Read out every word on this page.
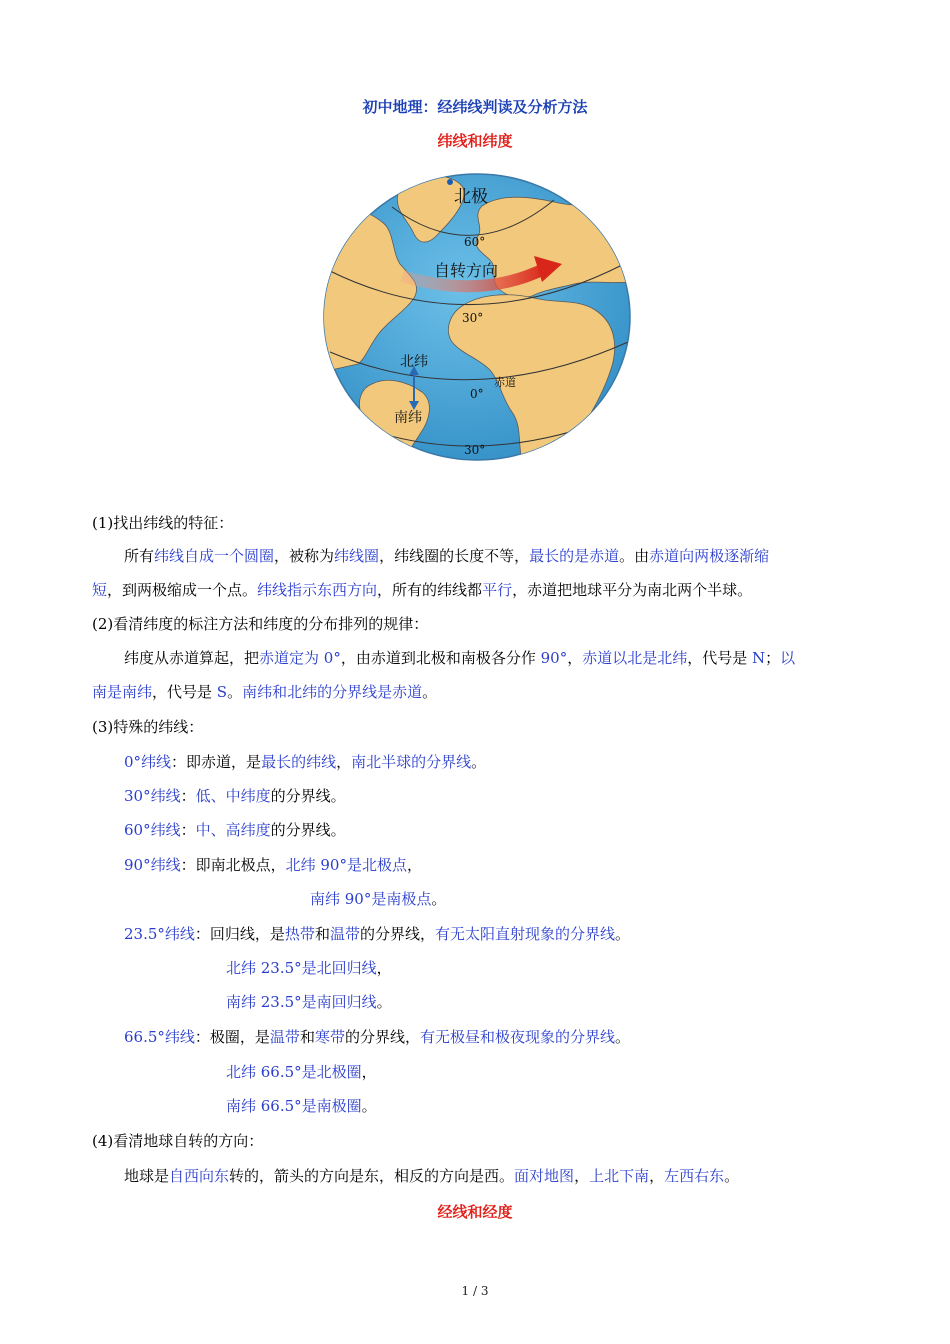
初中地理：经纬线判读及分析方法
纬线和纬度
北极
60°
自转方向
30°
北纬
赤道
0°
南纬
30°
(1)找出纬线的特征：
所有纬线自成一个圆圈，被称为纬线圈，纬线圈的长度不等，最长的是赤道。由赤道向两极逐渐缩
短，到两极缩成一个点。纬线指示东西方向，所有的纬线都平行，赤道把地球平分为南北两个半球。
(2)看清纬度的标注方法和纬度的分布排列的规律：
纬度从赤道算起，把赤道定为 0°，由赤道到北极和南极各分作 90°，赤道以北是北纬，代号是 N；以
南是南纬，代号是 S。南纬和北纬的分界线是赤道。
(3)特殊的纬线：
0°纬线：即赤道，是最长的纬线，南北半球的分界线。
30°纬线：低、中纬度的分界线。
60°纬线：中、高纬度的分界线。
90°纬线：即南北极点，北纬 90°是北极点，
南纬 90°是南极点。
23.5°纬线：回归线，是热带和温带的分界线，有无太阳直射现象的分界线。
北纬 23.5°是北回归线，
南纬 23.5°是南回归线。
66.5°纬线：极圈，是温带和寒带的分界线，有无极昼和极夜现象的分界线。
北纬 66.5°是北极圈，
南纬 66.5°是南极圈。
(4)看清地球自转的方向：
地球是自西向东转的，箭头的方向是东，相反的方向是西。面对地图，上北下南，左西右东。
经线和经度
1 / 3
